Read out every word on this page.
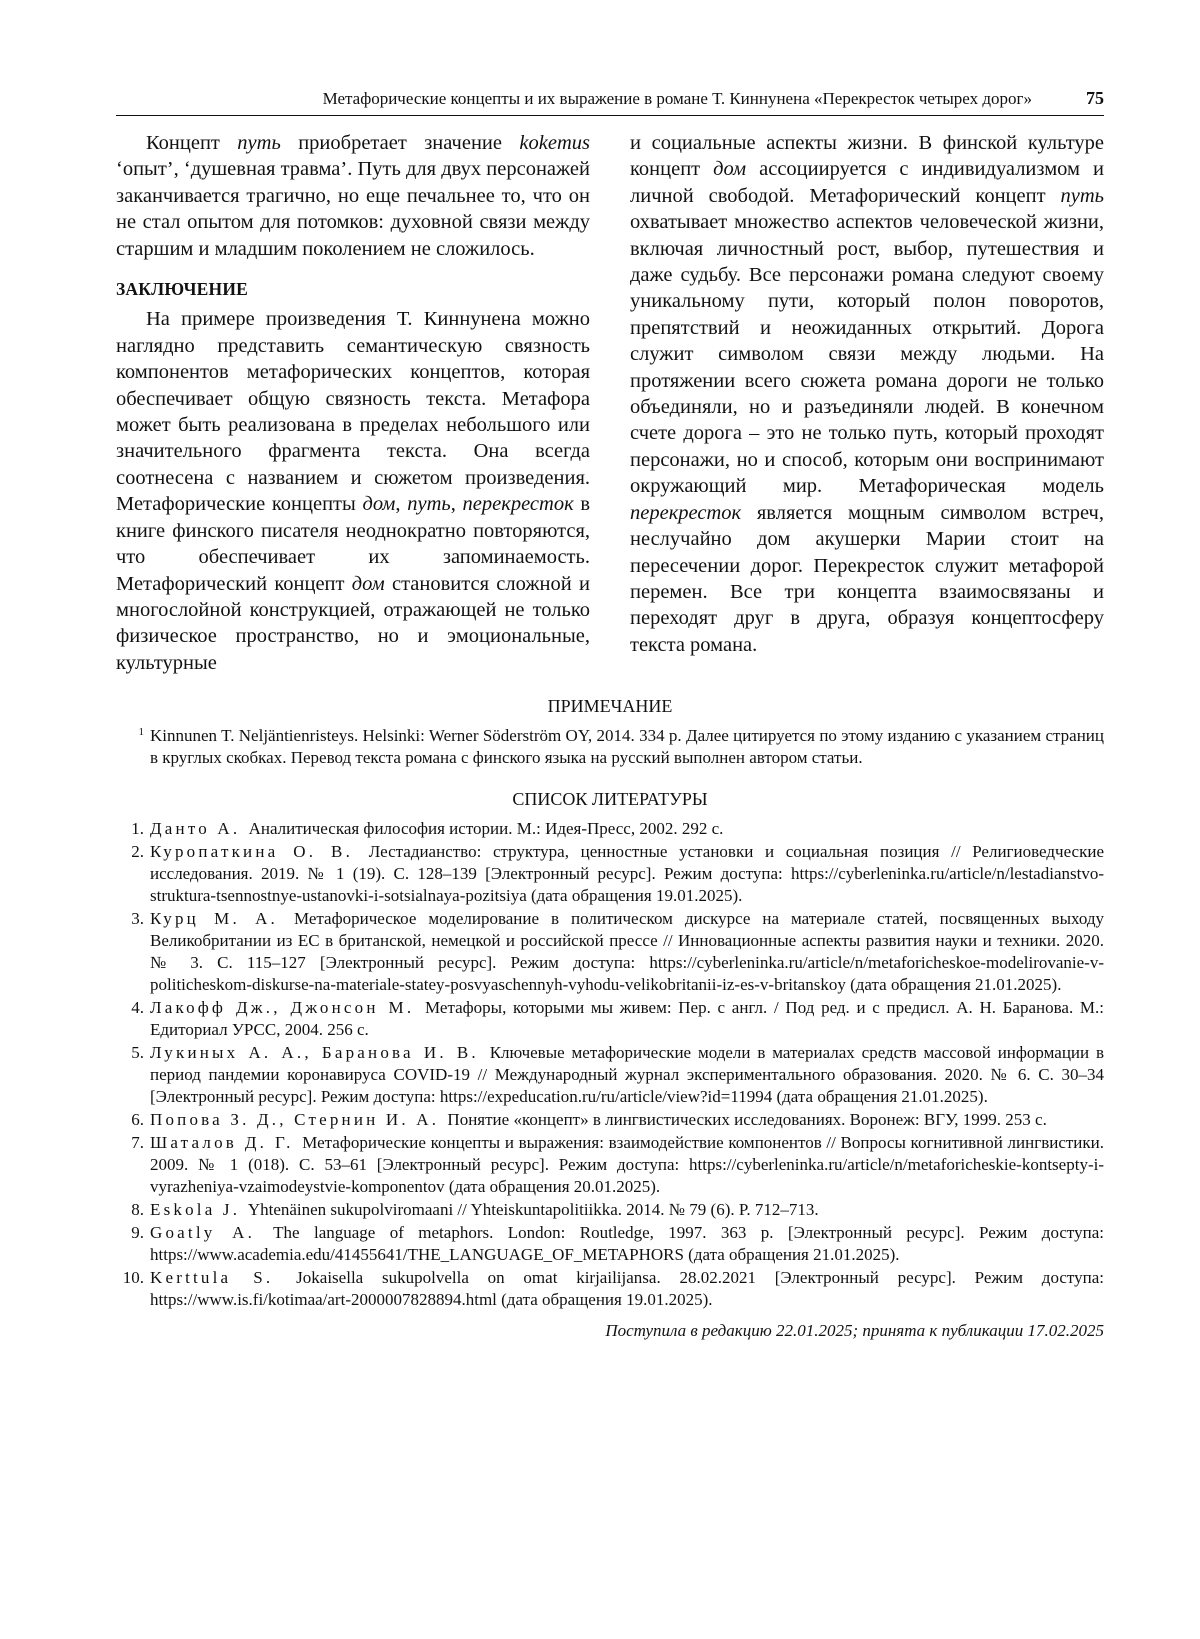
Метафорические концепты и их выражение в романе Т. Киннунена «Перекресток четырех дорог»	75

Концепт путь приобретает значение kokemus ‘опыт’, ‘душевная травма’. Путь для двух персонажей заканчивается трагично, но еще печальнее то, что он не стал опытом для потомков: духовной связи между старшим и младшим поколением не сложилось.

ЗАКЛЮЧЕНИЕ

На примере произведения Т. Киннунена можно наглядно представить семантическую связность компонентов метафорических концептов, которая обеспечивает общую связность текста. Метафора может быть реализована в пределах небольшого или значительного фрагмента текста. Она всегда соотнесена с названием и сюжетом произведения. Метафорические концепты дом, путь, перекресток в книге финского писателя неоднократно повторяются, что обеспечивает их запоминаемость. Метафорический концепт дом становится сложной и многослойной конструкцией, отражающей не только физическое пространство, но и эмоциональные, культурные

и социальные аспекты жизни. В финской культуре концепт дом ассоциируется с индивидуализмом и личной свободой. Метафорический концепт путь охватывает множество аспектов человеческой жизни, включая личностный рост, выбор, путешествия и даже судьбу. Все персонажи романа следуют своему уникальному пути, который полон поворотов, препятствий и неожиданных открытий. Дорога служит символом связи между людьми. На протяжении всего сюжета романа дороги не только объединяли, но и разъединяли людей. В конечном счете дорога – это не только путь, который проходят персонажи, но и способ, которым они воспринимают окружающий мир. Метафорическая модель перекресток является мощным символом встреч, неслучайно дом акушерки Марии стоит на пересечении дорог. Перекресток служит метафорой перемен. Все три концепта взаимосвязаны и переходят друг в друга, образуя концептосферу текста романа.

ПРИМЕЧАНИЕ
1 Kinnunen T. Neljäntienristeys. Helsinki: Werner Söderström OY, 2014. 334 p. Далее цитируется по этому изданию с указанием страниц в круглых скобках. Перевод текста романа с финского языка на русский выполнен автором статьи.
СПИСОК ЛИТЕРАТУРЫ
1. Данто А. Аналитическая философия истории. М.: Идея-Пресс, 2002. 292 с.
2. Куропаткина О. В. Лестадианство: структура, ценностные установки и социальная позиция // Религиоведческие исследования. 2019. № 1 (19). С. 128–139 [Электронный ресурс]. Режим доступа: https://cyberleninka.ru/article/n/lestadianstvo-struktura-tsennostnye-ustanovki-i-sotsialnaya-pozitsiya (дата обращения 19.01.2025).
3. Курц М. А. Метафорическое моделирование в политическом дискурсе на материале статей, посвященных выходу Великобритании из ЕС в британской, немецкой и российской прессе // Инновационные аспекты развития науки и техники. 2020. № 3. С. 115–127 [Электронный ресурс]. Режим доступа: https://cyberleninka.ru/article/n/metaforicheskoe-modelirovanie-v-politicheskom-diskurse-na-materiale-statey-posvyaschennyh-vyhodu-velikobritanii-iz-es-v-britanskoy (дата обращения 21.01.2025).
4. Лакофф Дж., Джонсон М. Метафоры, которыми мы живем: Пер. с англ. / Под ред. и с предисл. А. Н. Баранова. М.: Едиториал УРСС, 2004. 256 с.
5. Лукиных А. А., Баранова И. В. Ключевые метафорические модели в материалах средств массовой информации в период пандемии коронавируса COVID-19 // Международный журнал экспериментального образования. 2020. № 6. С. 30–34 [Электронный ресурс]. Режим доступа: https://expeducation.ru/ru/article/view?id=11994 (дата обращения 21.01.2025).
6. Попова З. Д., Стернин И. А. Понятие «концепт» в лингвистических исследованиях. Воронеж: ВГУ, 1999. 253 с.
7. Шаталов Д. Г. Метафорические концепты и выражения: взаимодействие компонентов // Вопросы когнитивной лингвистики. 2009. № 1 (018). С. 53–61 [Электронный ресурс]. Режим доступа: https://cyberleninka.ru/article/n/metaforicheskie-kontsepty-i-vyrazheniya-vzaimodeystvie-komponentov (дата обращения 20.01.2025).
8. Eskola J. Yhtenäinen sukupolviromaani // Yhteiskuntapolitiikka. 2014. № 79 (6). P. 712–713.
9. Goatly A. The language of metaphors. London: Routledge, 1997. 363 p. [Электронный ресурс]. Режим доступа: https://www.academia.edu/41455641/THE_LANGUAGE_OF_METAPHORS (дата обращения 21.01.2025).
10. Kerttula S. Jokaisella sukupolvella on omat kirjailijansa. 28.02.2021 [Электронный ресурс]. Режим доступа: https://www.is.fi/kotimaa/art-2000007828894.html (дата обращения 19.01.2025).
Поступила в редакцию 22.01.2025; принята к публикации 17.02.2025
